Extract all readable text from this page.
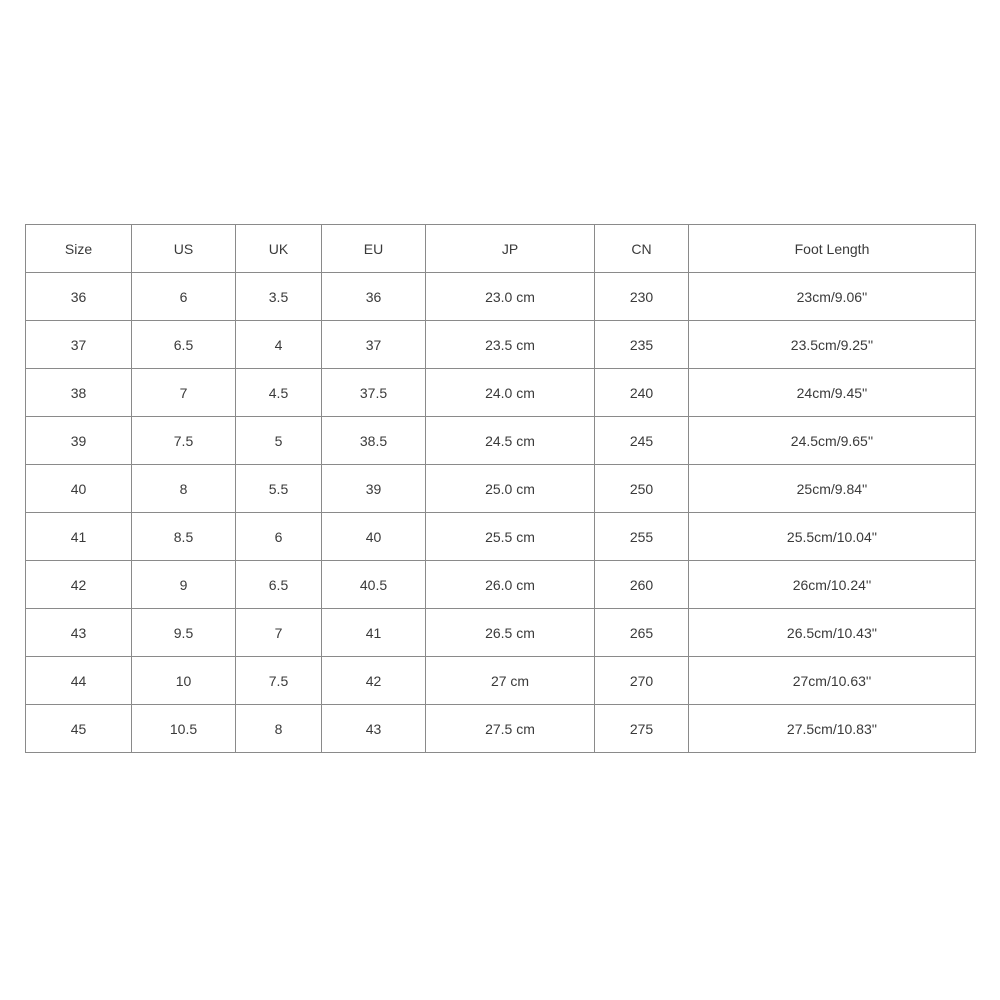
Size	US	UK	EU	JP	CN	Foot Length
36	6	3.5	36	23.0 cm	230	23cm/9.06''
37	6.5	4	37	23.5 cm	235	23.5cm/9.25''
38	7	4.5	37.5	24.0 cm	240	24cm/9.45''
39	7.5	5	38.5	24.5 cm	245	24.5cm/9.65''
40	8	5.5	39	25.0 cm	250	25cm/9.84''
41	8.5	6	40	25.5 cm	255	25.5cm/10.04''
42	9	6.5	40.5	26.0 cm	260	26cm/10.24''
43	9.5	7	41	26.5 cm	265	26.5cm/10.43''
44	10	7.5	42	27 cm	270	27cm/10.63''
45	10.5	8	43	27.5 cm	275	27.5cm/10.83''
